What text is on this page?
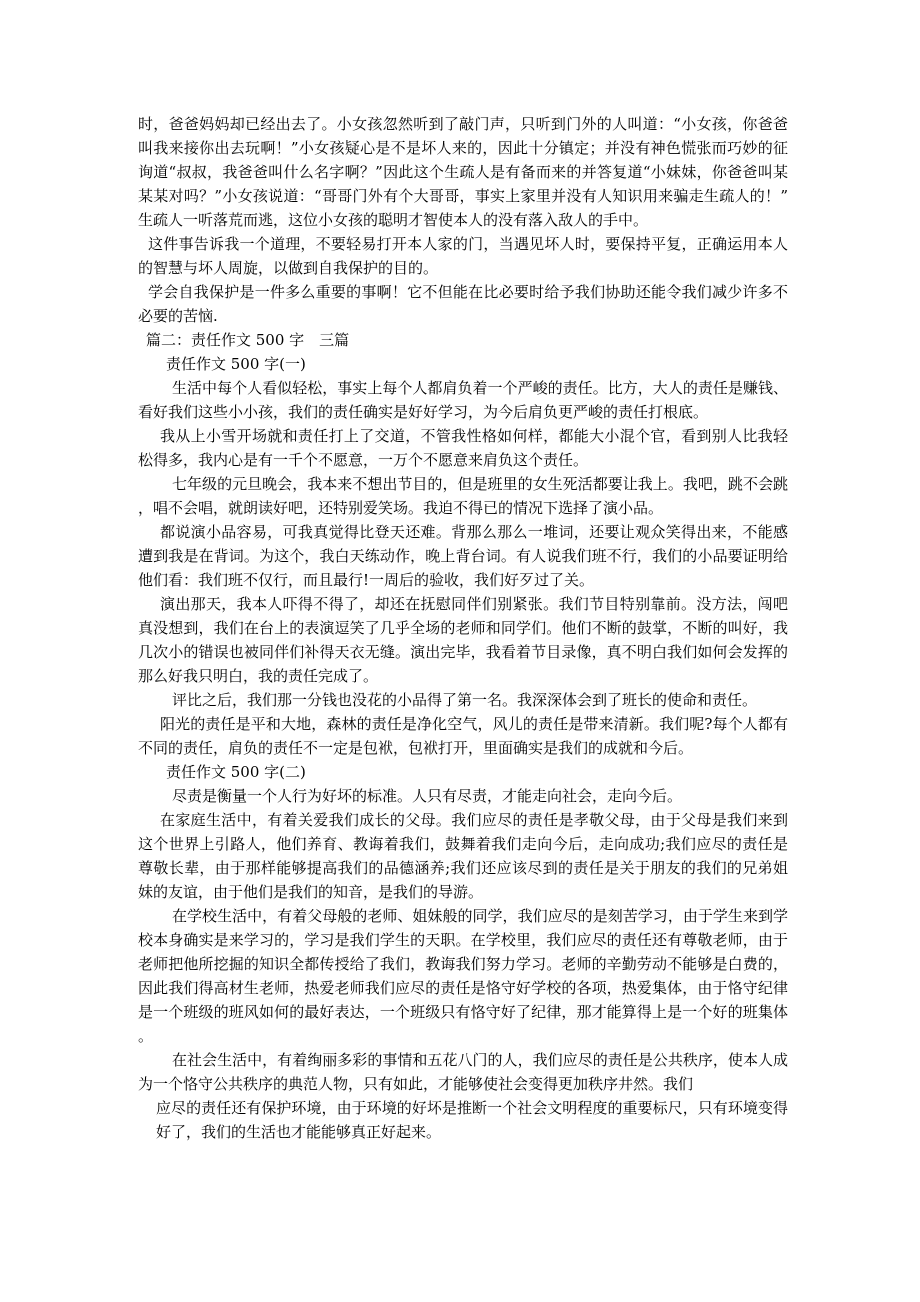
时，爸爸妈妈却已经出去了。小女孩忽然听到了敲门声，只听到门外的人叫道：“小女孩，你爸爸叫我来接你出去玩啊！”小女孩疑心是不是坏人来的，因此十分镇定；并没有神色慌张而巧妙的征询道“叔叔，我爸爸叫什么名字啊？”因此这个生疏人是有备而来的并答复道“小妹妹，你爸爸叫某某某对吗？”小女孩说道：“哥哥门外有个大哥哥，事实上家里并没有人知识用来骗走生疏人的！”生疏人一听落荒而逃，这位小女孩的聪明才智使本人的没有落入敌人的手中。

这件事告诉我一个道理，不要轻易打开本人家的门，当遇见坏人时，要保持平复，正确运用本人的智慧与坏人周旋，以做到自我保护的目的。

学会自我保护是一件多么重要的事啊！它不但能在比必要时给予我们协助还能令我们减少许多不必要的苦恼.

篇二：责任作文 500 字　三篇

责任作文 500 字(一)

生活中每个人看似轻松，事实上每个人都肩负着一个严峻的责任。比方，大人的责任是赚钱、看好我们这些小小孩，我们的责任确实是好好学习，为今后肩负更严峻的责任打根底。

我从上小雪开场就和责任打上了交道，不管我性格如何样，都能大小混个官，看到别人比我轻松得多，我内心是有一千个不愿意，一万个不愿意来肩负这个责任。

七年级的元旦晚会，我本来不想出节目的，但是班里的女生死活都要让我上。我吧，跳不会跳，唱不会唱，就朗读好吧，还特别爱笑场。我迫不得已的情况下选择了演小品。

都说演小品容易，可我真觉得比登天还难。背那么那么一堆词，还要让观众笑得出来，不能感遭到我是在背词。为这个，我白天练动作，晚上背台词。有人说我们班不行，我们的小品要证明给他们看：我们班不仅行，而且最行!一周后的验收，我们好歹过了关。

演出那天，我本人吓得不得了，却还在抚慰同伴们别紧张。我们节目特别靠前。没方法，闯吧真没想到，我们在台上的表演逗笑了几乎全场的老师和同学们。他们不断的鼓掌，不断的叫好，我几次小的错误也被同伴们补得天衣无缝。演出完毕，我看着节目录像，真不明白我们如何会发挥的那么好我只明白，我的责任完成了。

评比之后，我们那一分钱也没花的小品得了第一名。我深深体会到了班长的使命和责任。

阳光的责任是平和大地，森林的责任是净化空气，风儿的责任是带来清新。我们呢?每个人都有不同的责任，肩负的责任不一定是包袱，包袱打开，里面确实是我们的成就和今后。

责任作文 500 字(二)

尽责是衡量一个人行为好坏的标准。人只有尽责，才能走向社会，走向今后。

在家庭生活中，有着关爱我们成长的父母。我们应尽的责任是孝敬父母，由于父母是我们来到这个世界上引路人，他们养育、教诲着我们，鼓舞着我们走向今后，走向成功;我们应尽的责任是尊敬长辈，由于那样能够提高我们的品德涵养;我们还应该尽到的责任是关于朋友的我们的兄弟姐妹的友谊，由于他们是我们的知音，是我们的导游。

在学校生活中，有着父母般的老师、姐妹般的同学，我们应尽的是刻苦学习，由于学生来到学校本身确实是来学习的，学习是我们学生的天职。在学校里，我们应尽的责任还有尊敬老师，由于老师把他所挖掘的知识全都传授给了我们，教诲我们努力学习。老师的辛勤劳动不能够是白费的，因此我们得高材生老师，热爱老师我们应尽的责任是恪守好学校的各项，热爱集体，由于恪守纪律是一个班级的班风如何的最好表达，一个班级只有恪守好了纪律，那才能算得上是一个好的班集体。

在社会生活中，有着绚丽多彩的事情和五花八门的人，我们应尽的责任是公共秩序，使本人成为一个恪守公共秩序的典范人物，只有如此，才能够使社会变得更加秩序井然。我们

应尽的责任还有保护环境，由于环境的好坏是推断一个社会文明程度的重要标尺，只有环境变得好了，我们的生活也才能能够真正好起来。
